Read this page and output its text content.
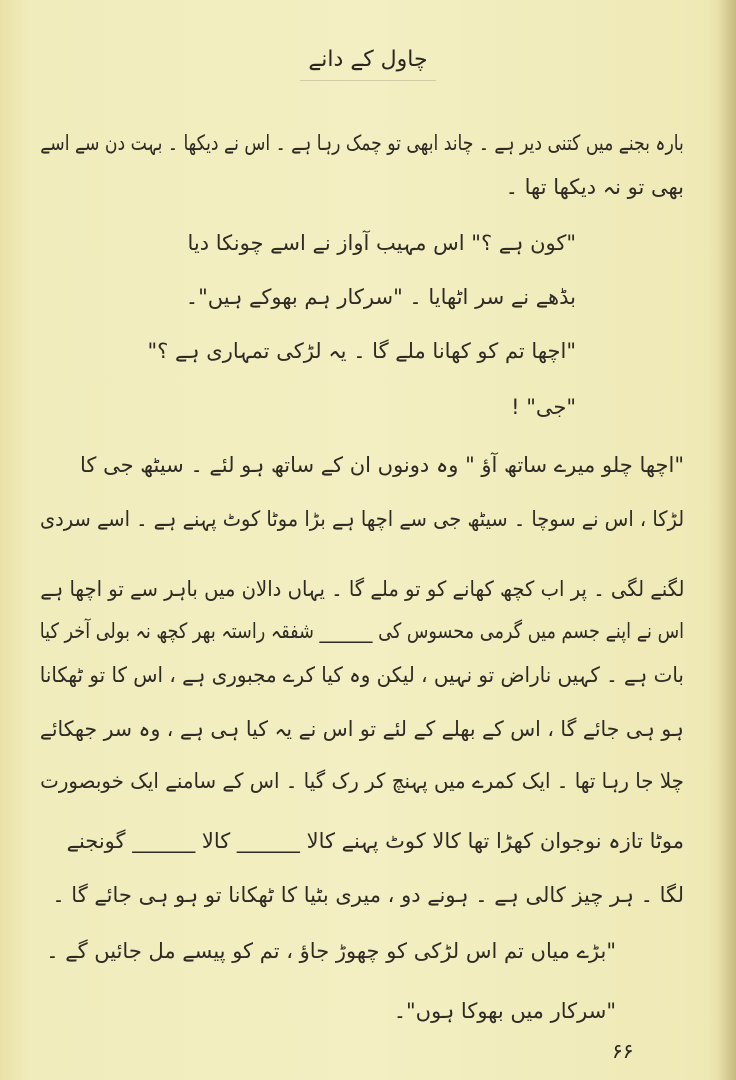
چاول کے دانے
بارہ بجنے میں کتنی دیر ہے ۔ چاند ابھی تو چمک رہا ہے ۔ اس نے دیکھا ۔ بہت دن سے اسے
بھی تو نہ دیکھا تھا ۔
"کون ہے ؟" اس مہیب آواز نے اسے چونکا دیا
بڈھے نے سر اٹھایا ۔ "سرکار ہم بھوکے ہیں"۔
"اچھا تم کو کھانا ملے گا ۔ یہ لڑکی تمہاری ہے ؟"
"جی" !
"اچھا چلو میرے ساتھ آؤ " وہ دونوں ان کے ساتھ ہو لئے ۔ سیٹھ جی کا
لڑکا ، اس نے سوچا ۔ سیٹھ جی سے اچھا ہے بڑا موٹا کوٹ پہنے ہے ۔ اسے سردی
لگنے لگی ۔ پر اب کچھ کھانے کو تو ملے گا ۔ یہاں دالان میں باہر سے تو اچھا ہے
اس نے اپنے جسم میں گرمی محسوس کی ______ شفقہ راستہ بھر کچھ نہ بولی آخر کیا
بات ہے ۔ کہیں ناراض تو نہیں ، لیکن وہ کیا کرے مجبوری ہے ، اس کا تو ٹھکانا
ہو ہی جائے گا ، اس کے بھلے کے لئے تو اس نے یہ کیا ہی ہے ، وہ سر جھکائے
چلا جا رہا تھا ۔ ایک کمرے میں پہنچ کر رک گیا ۔ اس کے سامنے ایک خوبصورت
موٹا تازہ نوجوان کھڑا تھا کالا کوٹ پہنے کالا ______ کالا ______ گونجنے
لگا ۔ ہر چیز کالی ہے ۔ ہونے دو ، میری بٹیا کا ٹھکانا تو ہو ہی جائے گا ۔
"بڑے میاں تم اس لڑکی کو چھوڑ جاؤ ، تم کو پیسے مل جائیں گے ۔
"سرکار میں بھوکا ہوں"۔
۶۶
